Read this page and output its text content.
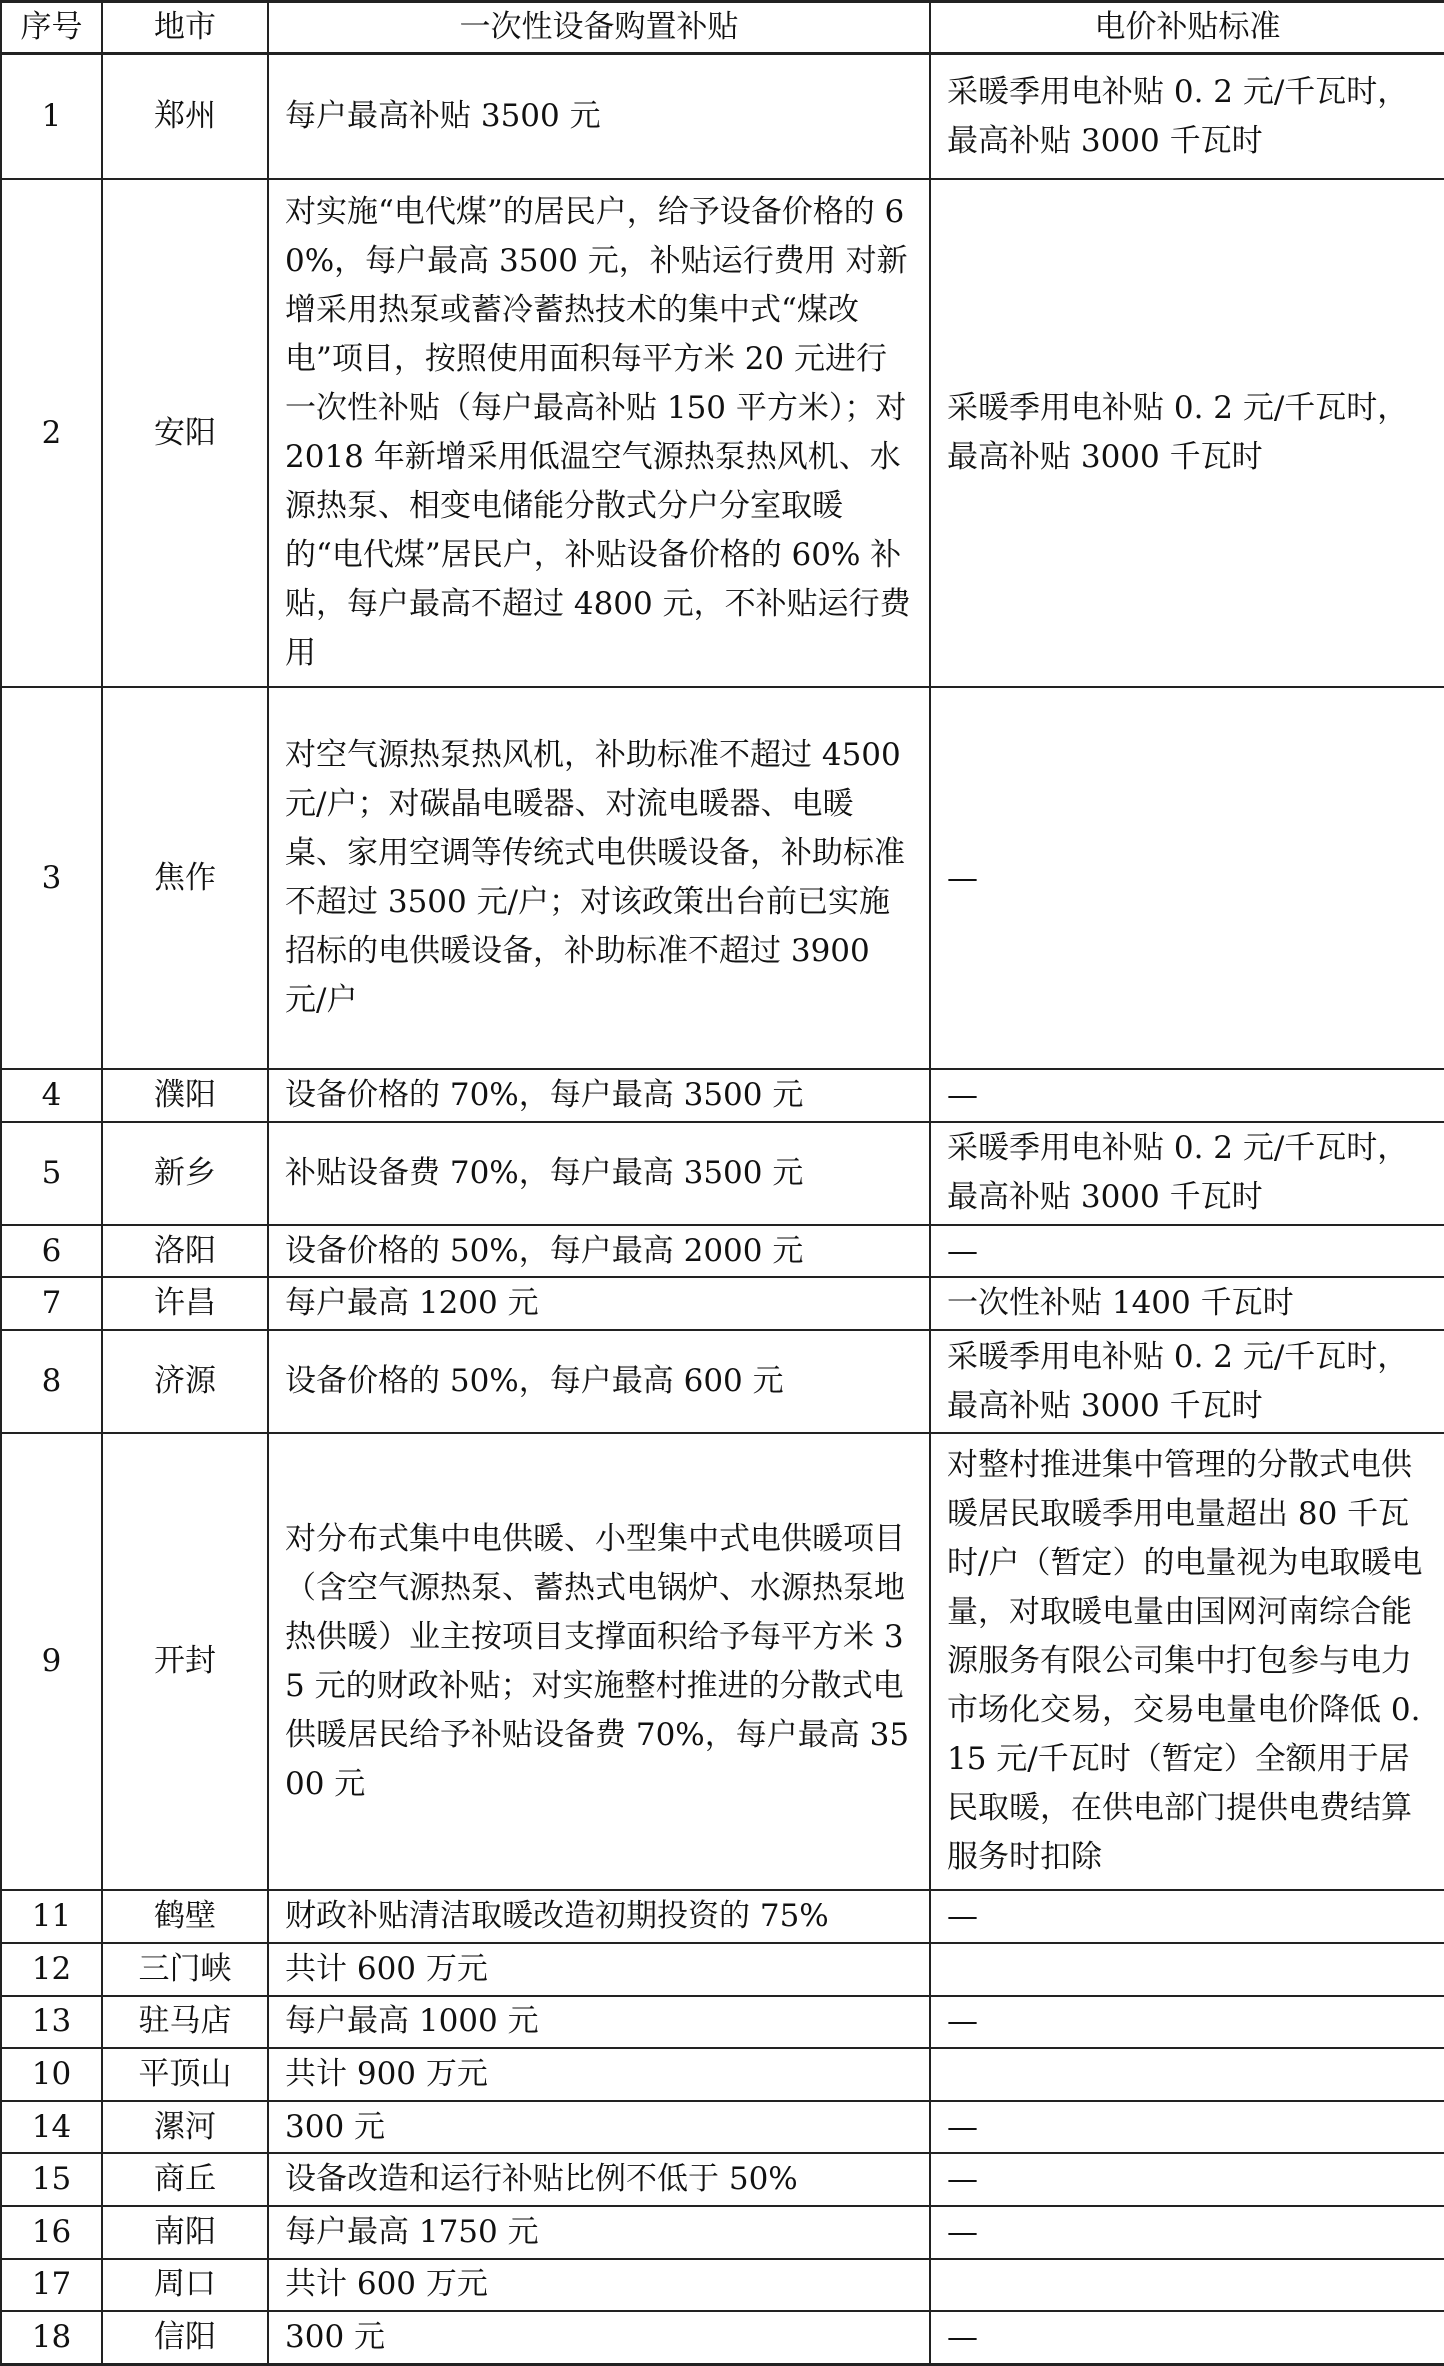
序号	地市	一次性设备购置补贴	电价补贴标准
1	郑州	每户最高补贴 3500 元	采暖季用电补贴 0. 2 元/千瓦时，最高补贴 3000 千瓦时
2	安阳	对实施“电代煤”的居民户，给予设备价格的 60%，每户最高 3500 元，补贴运行费用 对新增采用热泵或蓄冷蓄热技术的集中式“煤改电”项目，按照使用面积每平方米 20 元进行一次性补贴（每户最高补贴 150 平方米）；对 2018 年新增采用低温空气源热泵热风机、水源热泵、相变电储能分散式分户分室取暖的“电代煤”居民户，补贴设备价格的 60% 补贴，每户最高不超过 4800 元，不补贴运行费用	采暖季用电补贴 0. 2 元/千瓦时，最高补贴 3000 千瓦时
3	焦作	对空气源热泵热风机，补助标准不超过 4500 元/户；对碳晶电暖器、对流电暖器、电暖桌、家用空调等传统式电供暖设备，补助标准不超过 3500 元/户；对该政策出台前已实施招标的电供暖设备，补助标准不超过 3900 元/户	—
4	濮阳	设备价格的 70%，每户最高 3500 元	—
5	新乡	补贴设备费 70%，每户最高 3500 元	采暖季用电补贴 0. 2 元/千瓦时，最高补贴 3000 千瓦时
6	洛阳	设备价格的 50%，每户最高 2000 元	—
7	许昌	每户最高 1200 元	一次性补贴 1400 千瓦时
8	济源	设备价格的 50%，每户最高 600 元	采暖季用电补贴 0. 2 元/千瓦时，最高补贴 3000 千瓦时
9	开封	对分布式集中电供暖、小型集中式电供暖项目（含空气源热泵、蓄热式电锅炉、水源热泵地热供暖）业主按项目支撑面积给予每平方米 35 元的财政补贴；对实施整村推进的分散式电供暖居民给予补贴设备费 70%，每户最高 3500 元	对整村推进集中管理的分散式电供暖居民取暖季用电量超出 80 千瓦时/户（暂定）的电量视为电取暖电量，对取暖电量由国网河南综合能源服务有限公司集中打包参与电力市场化交易，交易电量电价降低 0. 15 元/千瓦时（暂定）全额用于居民取暖，在供电部门提供电费结算服务时扣除
11	鹤壁	财政补贴清洁取暖改造初期投资的 75%	—
12	三门峡	共计 600 万元	
13	驻马店	每户最高 1000 元	—
10	平顶山	共计 900 万元	
14	漯河	300 元	—
15	商丘	设备改造和运行补贴比例不低于 50%	—
16	南阳	每户最高 1750 元	—
17	周口	共计 600 万元	
18	信阳	300 元	—
